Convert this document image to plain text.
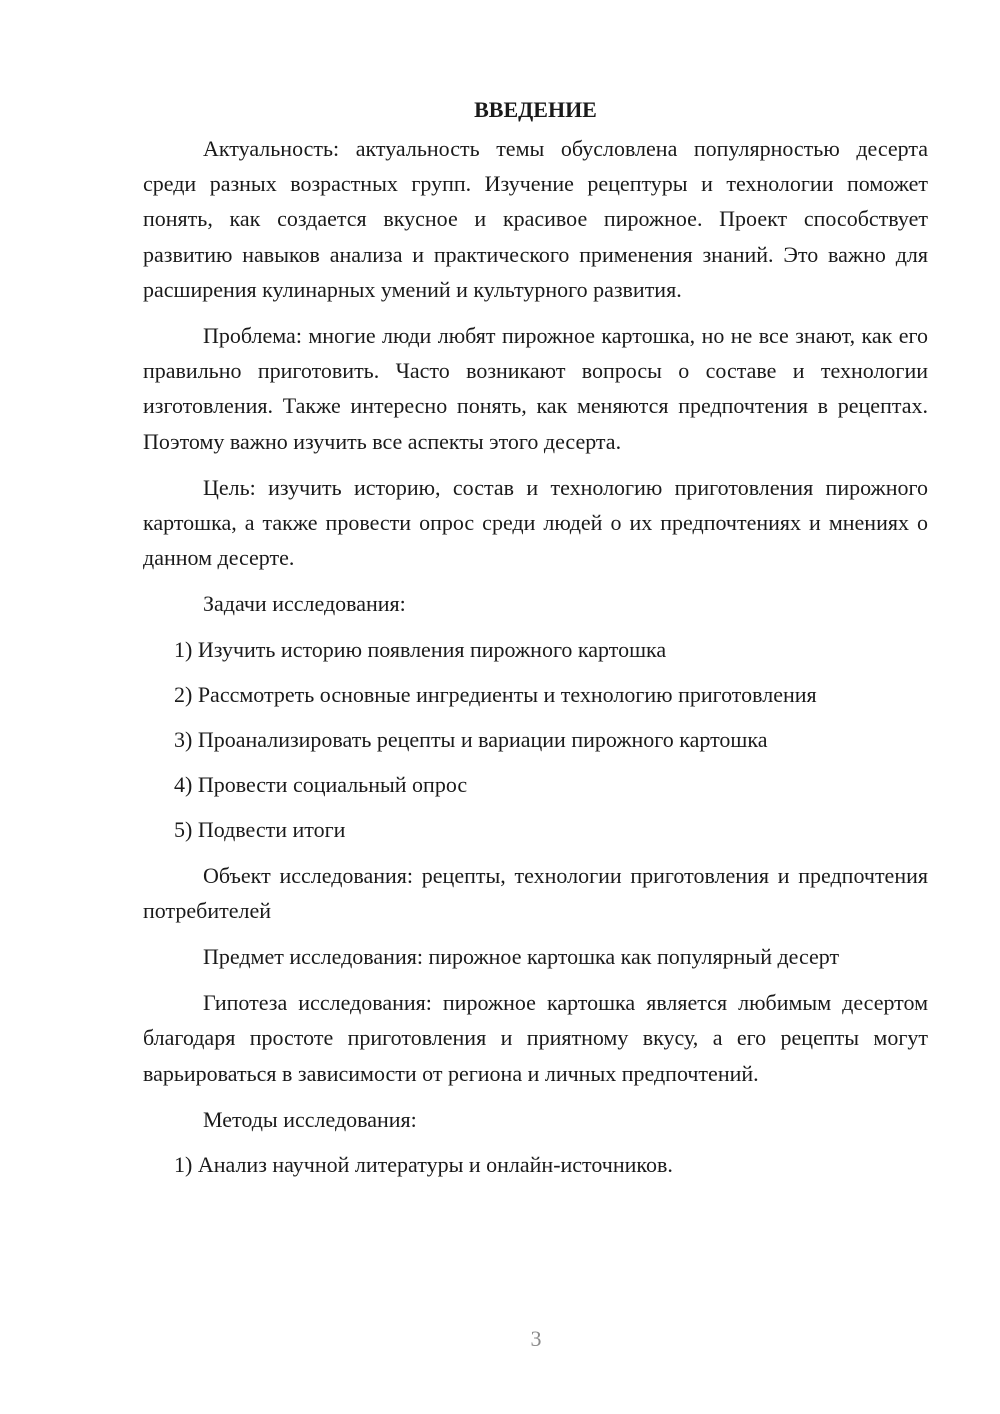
ВВЕДЕНИЕ

Актуальность: актуальность темы обусловлена популярностью десерта среди разных возрастных групп. Изучение рецептуры и технологии поможет понять, как создается вкусное и красивое пирожное. Проект способствует развитию навыков анализа и практического применения знаний. Это важно для расширения кулинарных умений и культурного развития.

Проблема: многие люди любят пирожное картошка, но не все знают, как его правильно приготовить. Часто возникают вопросы о составе и технологии изготовления. Также интересно понять, как меняются предпочтения в рецептах. Поэтому важно изучить все аспекты этого десерта.

Цель: изучить историю, состав и технологию приготовления пирожного картошка, а также провести опрос среди людей о их предпочтениях и мнениях о данном десерте.

Задачи исследования:
1) Изучить историю появления пирожного картошка
2) Рассмотреть основные ингредиенты и технологию приготовления
3) Проанализировать рецепты и вариации пирожного картошка
4) Провести социальный опрос
5) Подвести итоги

Объект исследования: рецепты, технологии приготовления и предпочтения потребителей

Предмет исследования: пирожное картошка как популярный десерт

Гипотеза исследования: пирожное картошка является любимым десертом благодаря простоте приготовления и приятному вкусу, а его рецепты могут варьироваться в зависимости от региона и личных предпочтений.

Методы исследования:
1) Анализ научной литературы и онлайн-источников.
3
